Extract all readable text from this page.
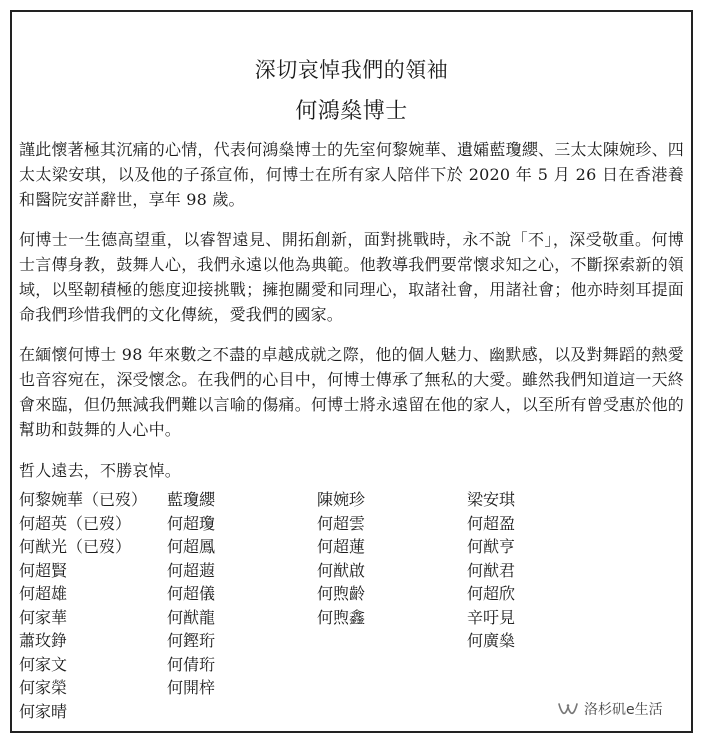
深切哀悼我們的領袖

何鴻燊博士

謹此懷著極其沉痛的心情，代表何鴻燊博士的先室何黎婉華、遺孀藍瓊纓、三太太陳婉珍、四太太梁安琪，以及他的子孫宣佈，何博士在所有家人陪伴下於 2020 年 5 月 26 日在香港養和醫院安詳辭世，享年 98 歲。

何博士一生德高望重，以睿智遠見、開拓創新，面對挑戰時，永不說「不」，深受敬重。何博士言傳身教，鼓舞人心，我們永遠以他為典範。他教導我們要常懷求知之心，不斷探索新的領域，以堅韌積極的態度迎接挑戰；擁抱關愛和同理心，取諸社會，用諸社會；他亦時刻耳提面命我們珍惜我們的文化傳統，愛我們的國家。

在緬懷何博士 98 年來數之不盡的卓越成就之際，他的個人魅力、幽默感，以及對舞蹈的熱愛也音容宛在，深受懷念。在我們的心目中，何博士傳承了無私的大愛。雖然我們知道這一天終會來臨，但仍無減我們難以言喻的傷痛。何博士將永遠留在他的家人，以至所有曾受惠於他的幫助和鼓舞的人心中。

哲人遠去，不勝哀悼。

何黎婉華（已歿）
何超英（已歿）
何猷光（已歿）
何超賢
何超雄
何家華
蕭玫錚
何家文
何家榮
何家晴
藍瓊纓
何超瓊
何超鳳
何超蕸
何超儀
何猷龍
何鏗珩
何倩珩
何開梓
陳婉珍
何超雲
何超蓮
何猷啟
何煦齡
何煦鑫
梁安琪
何超盈
何猷亨
何猷君
何超欣
辛吁見
何廣燊
洛杉矶e生活
